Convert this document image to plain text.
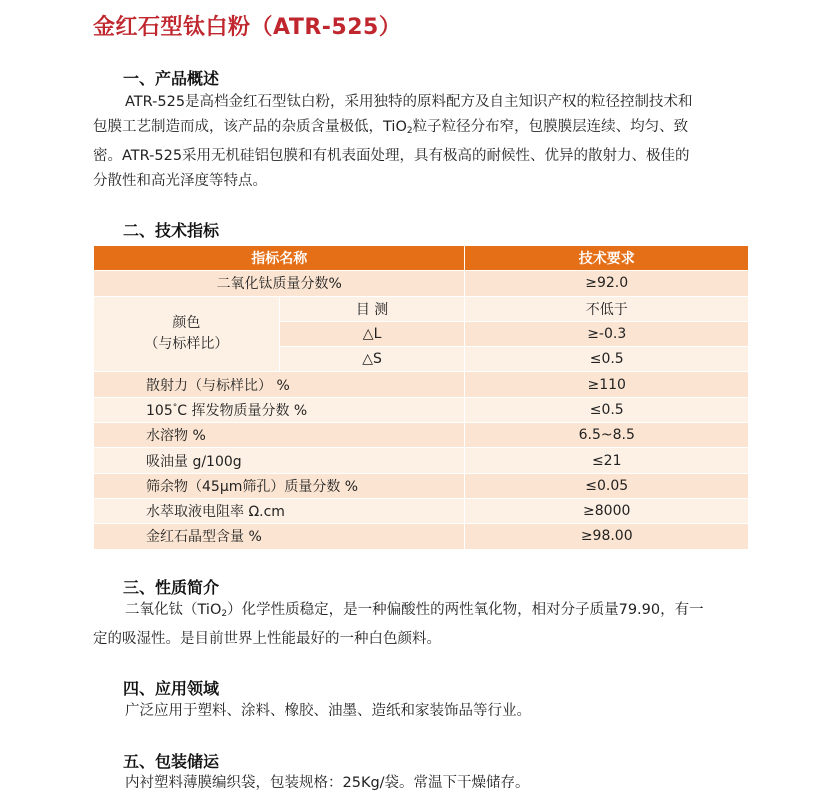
金红石型钛白粉（ATR-525）
一、产品概述
ATR-525是高档金红石型钛白粉，采用独特的原料配方及自主知识产权的粒径控制技术和
包膜工艺制造而成，该产品的杂质含量极低，TiO$_2$粒子粒径分布窄，包膜膜层连续、均匀、致
密。ATR-525采用无机硅铝包膜和有机表面处理，具有极高的耐候性、优异的散射力、极佳的
分散性和高光泽度等特点。
二、技术指标
指标名称		技术要求
二氧化钛质量分数%		≥92.0

颜色
（与标样比）	目 测	不低于
	△L	≥-0.3
	△S	≤0.5
散射力（与标样比） %		≥110
105°C 挥发物质量分数 %		≤0.5
水溶物 %		6.5~8.5
吸油量 g/100g		≤21
筛余物（45μm筛孔）质量分数 %		≤0.05
水萃取液电阻率 Ω.cm		≥8000
金红石晶型含量 %		≥98.00
三、性质简介
二氧化钛（TiO$_2$）化学性质稳定，是一种偏酸性的两性氧化物，相对分子质量79.90，有一
定的吸湿性。是目前世界上性能最好的一种白色颜料。
四、应用领域
广泛应用于塑料、涂料、橡胶、油墨、造纸和家装饰品等行业。
五、包装储运
内衬塑料薄膜编织袋，包装规格：25Kg/袋。常温下干燥储存。
